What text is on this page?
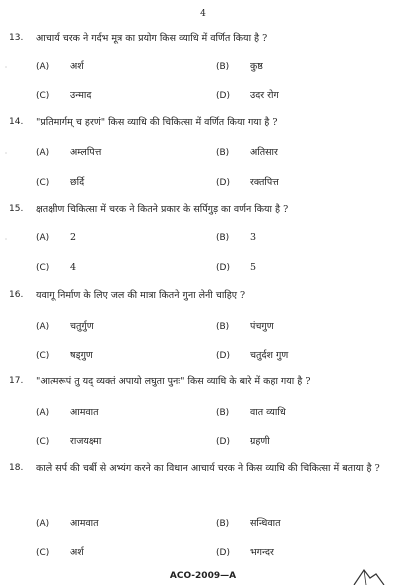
4
13. आचार्य चरक ने गर्दभ मूत्र का प्रयोग किस व्याधि में वर्णित किया है ?
(A) अर्श	(B) कुष्ठ
(C) उन्माद	(D) उदर रोग
14. "प्रतिमार्गम् च हरणं" किस व्याधि की चिकित्सा में वर्णित किया गया है ?
(A) अम्लपित्त	(B) अतिसार
(C) छर्दि	(D) रक्तपित्त
15. क्षतक्षीण चिकित्सा में चरक ने कितने प्रकार के सर्पिगुड़ का वर्णन किया है ?
(A) 2	(B) 3
(C) 4	(D) 5
16. यवागू निर्माण के लिए जल की मात्रा कितने गुना लेनी चाहिए ?
(A) चतुर्गुण	(B) पंचगुण
(C) षड्गुण	(D) चतुर्दश गुण
17. "आत्मरूपं तु यद् व्यक्तं अपायो लघुता पुनः" किस व्याधि के बारे में कहा गया है ?
(A) आमवात	(B) वात व्याधि
(C) राजयक्ष्मा	(D) ग्रहणी
18. काले सर्प की चर्बी से अभ्यंग करने का विधान आचार्य चरक ने किस व्याधि की चिकित्सा में बताया है ?
(A) आमवात	(B) सन्धिवात
(C) अर्श	(D) भगन्दर
˙
˙
˙
ACO-2009—A
